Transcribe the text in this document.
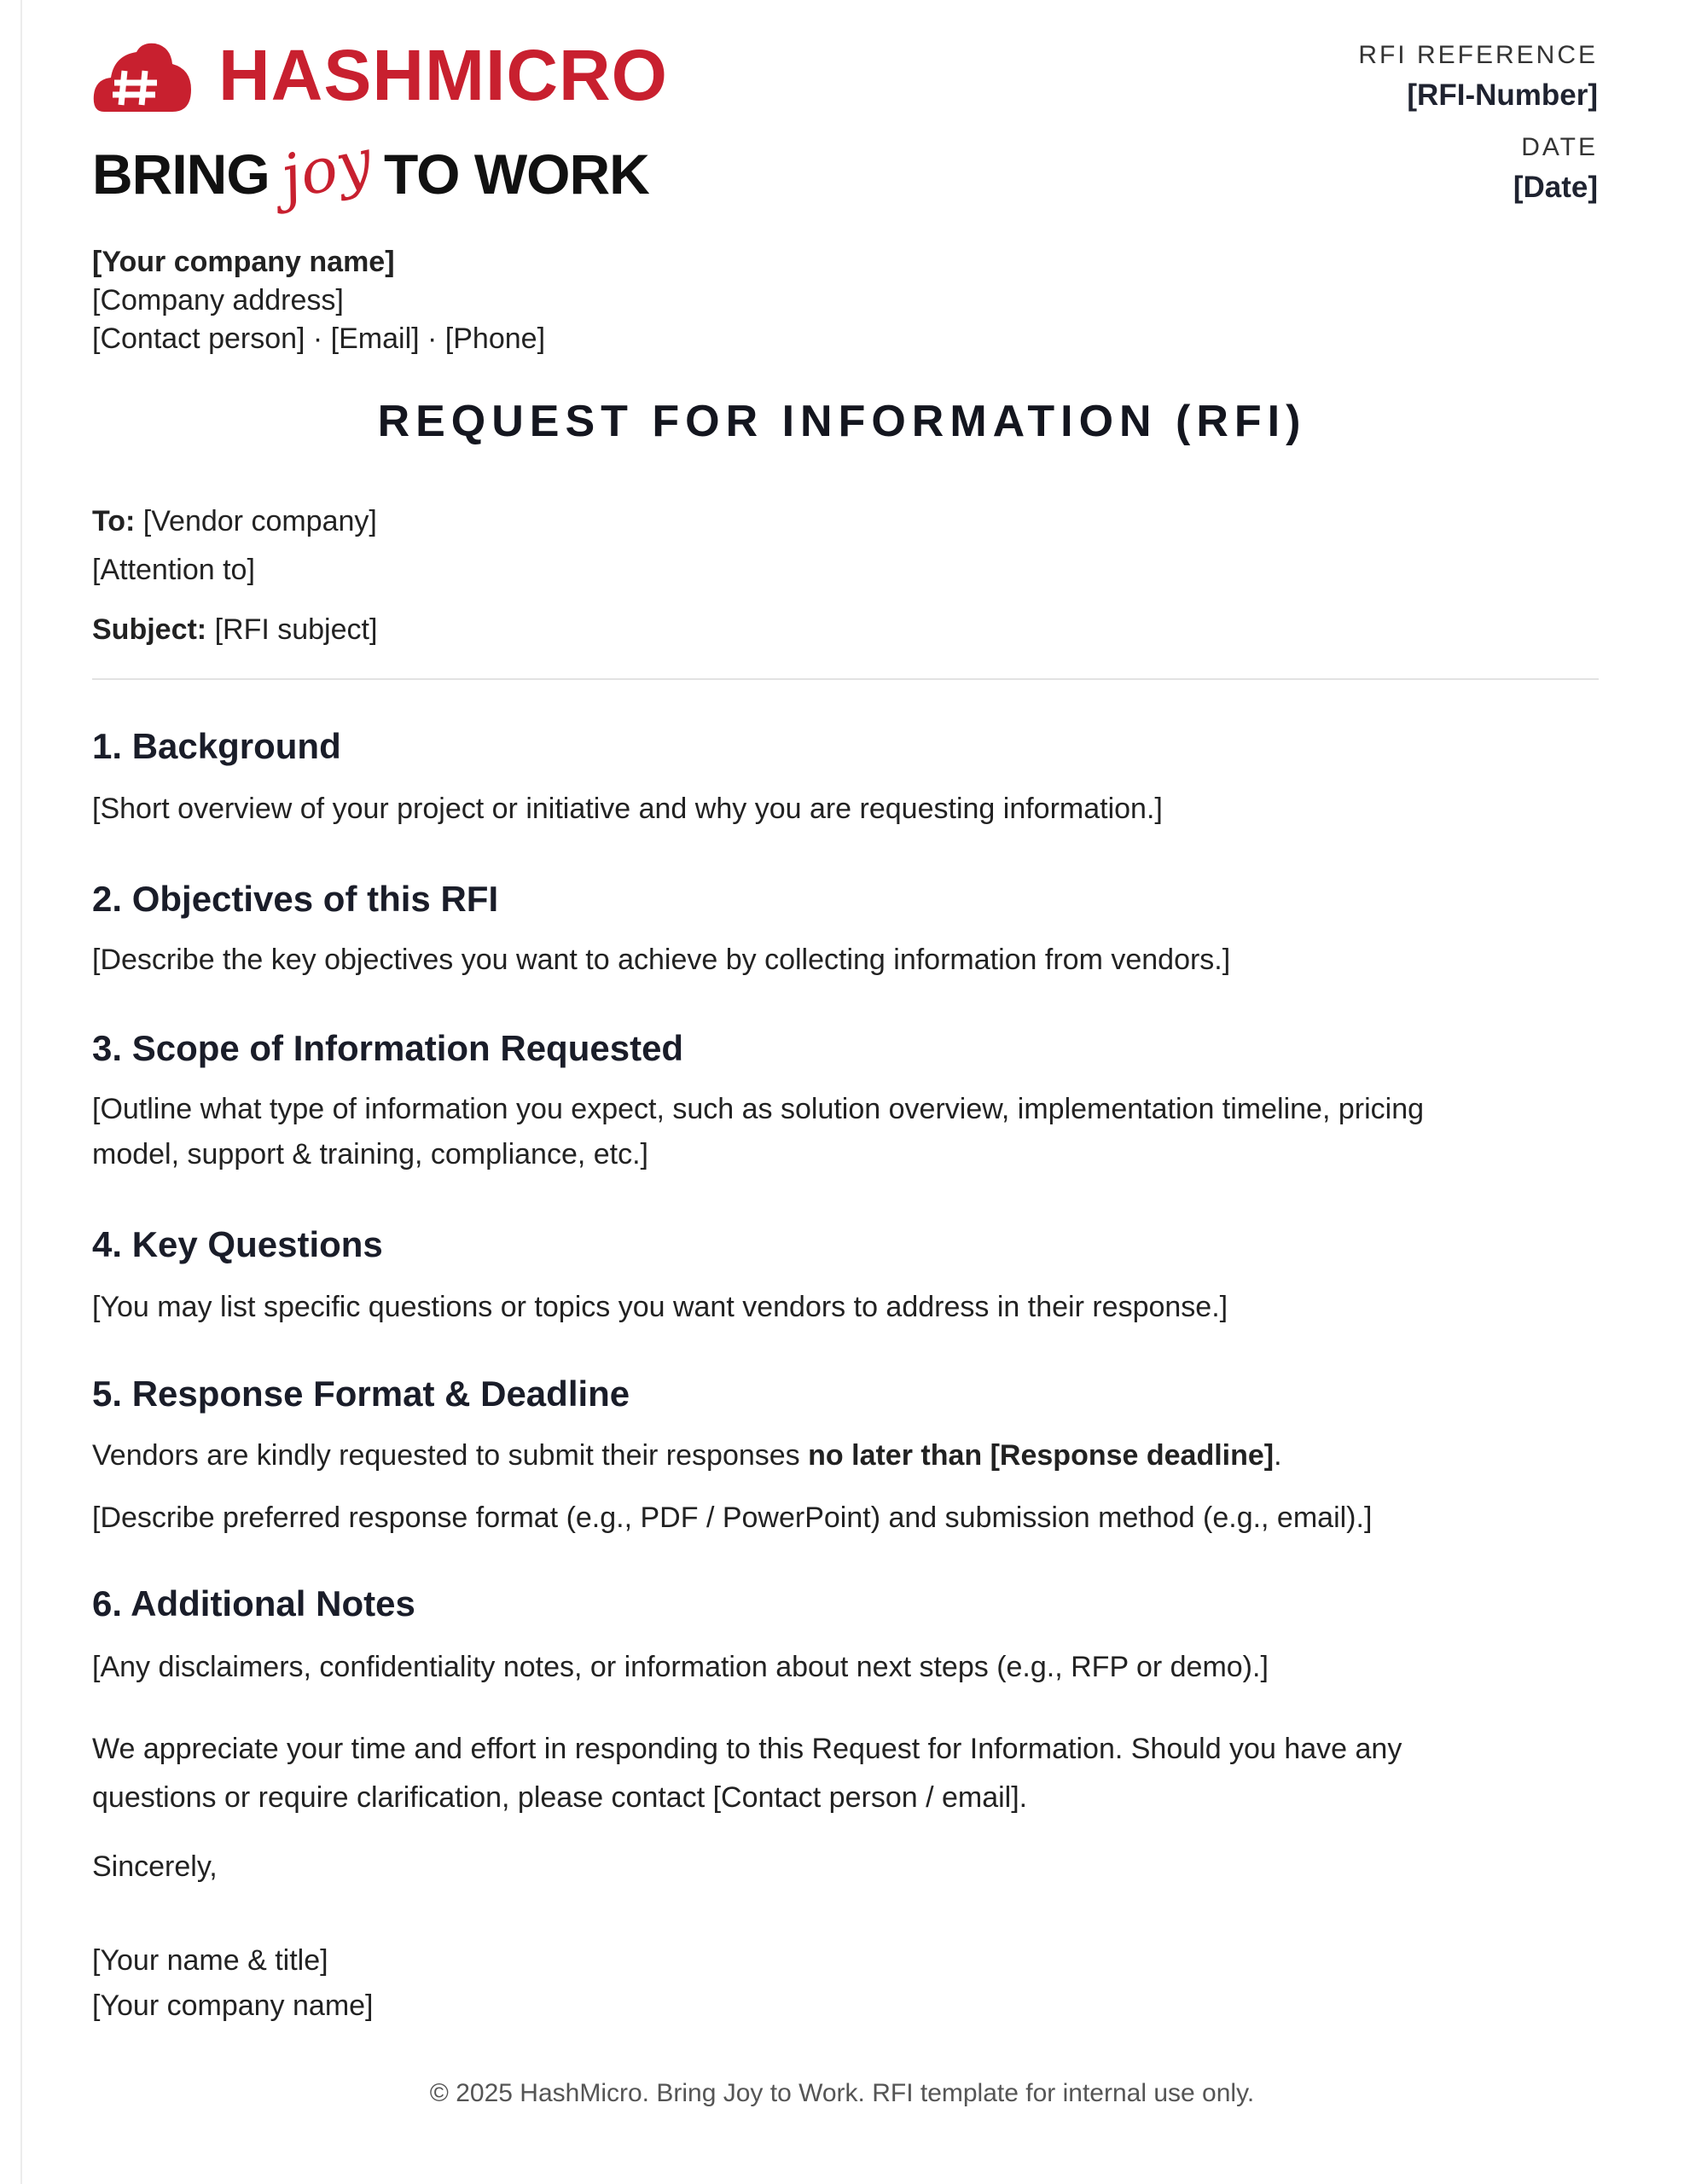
HASHMICRO
BRINGjoy TO WORK
RFI REFERENCE
[RFI-Number]
DATE
[Date]
[Your company name]
[Company address]
[Contact person] · [Email] · [Phone]
REQUEST FOR INFORMATION (RFI)
To: [Vendor company]
[Attention to]
Subject: [RFI subject]
1. Background
[Short overview of your project or initiative and why you are requesting information.]
2. Objectives of this RFI
[Describe the key objectives you want to achieve by collecting information from vendors.]
3. Scope of Information Requested
[Outline what type of information you expect, such as solution overview, implementation timeline, pricing
model, support & training, compliance, etc.]
4. Key Questions
[You may list specific questions or topics you want vendors to address in their response.]
5. Response Format & Deadline
Vendors are kindly requested to submit their responses no later than [Response deadline].
[Describe preferred response format (e.g., PDF / PowerPoint) and submission method (e.g., email).]
6. Additional Notes
[Any disclaimers, confidentiality notes, or information about next steps (e.g., RFP or demo).]
We appreciate your time and effort in responding to this Request for Information. Should you have any
questions or require clarification, please contact [Contact person / email].
Sincerely,
[Your name & title]
[Your company name]
© 2025 HashMicro. Bring Joy to Work. RFI template for internal use only.
